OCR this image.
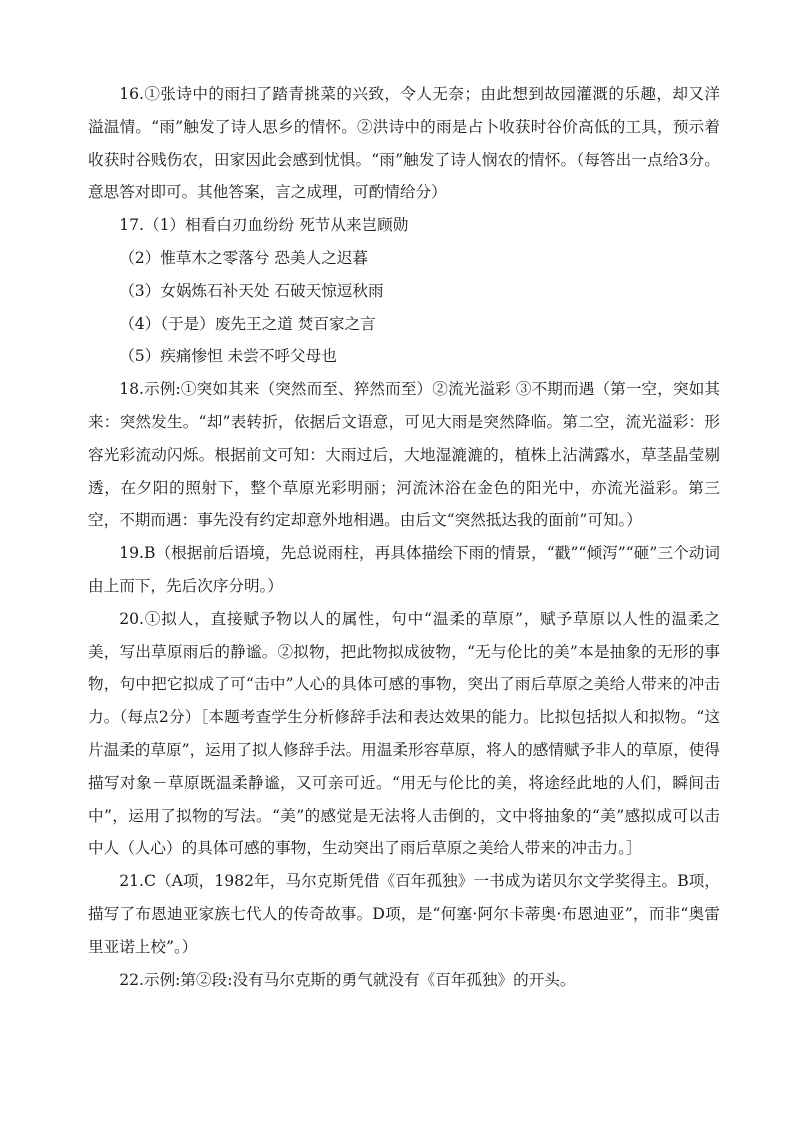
16.①张诗中的雨扫了踏青挑菜的兴致，令人无奈；由此想到故园灌溉的乐趣，却又洋溢温情。“雨”触发了诗人思乡的情怀。②洪诗中的雨是占卜收获时谷价高低的工具，预示着收获时谷贱伤农，田家因此会感到忧惧。“雨”触发了诗人悯农的情怀。（每答出一点给3分。意思答对即可。其他答案，言之成理，可酌情给分）

17.（1）相看白刃血纷纷 死节从来岂顾勋

（2）惟草木之零落兮 恐美人之迟暮

（3）女娲炼石补天处 石破天惊逗秋雨

（4）（于是）废先王之道 焚百家之言

（5）疾痛惨怛 未尝不呼父母也

18.示例:①突如其来（突然而至、猝然而至）②流光溢彩 ③不期而遇（第一空，突如其来：突然发生。“却”表转折，依据后文语意，可见大雨是突然降临。第二空，流光溢彩：形容光彩流动闪烁。根据前文可知：大雨过后，大地湿漉漉的，植株上沾满露水，草茎晶莹剔透，在夕阳的照射下，整个草原光彩明丽；河流沐浴在金色的阳光中，亦流光溢彩。第三空，不期而遇：事先没有约定却意外地相遇。由后文“突然抵达我的面前”可知。）

19.B（根据前后语境，先总说雨柱，再具体描绘下雨的情景，“戳”“倾泻”“砸”三个动词由上而下，先后次序分明。）

20.①拟人，直接赋予物以人的属性，句中“温柔的草原”，赋予草原以人性的温柔之美，写出草原雨后的静谧。②拟物，把此物拟成彼物，“无与伦比的美”本是抽象的无形的事物，句中把它拟成了可“击中”人心的具体可感的事物，突出了雨后草原之美给人带来的冲击力。（每点2分）［本题考查学生分析修辞手法和表达效果的能力。比拟包括拟人和拟物。“这片温柔的草原”，运用了拟人修辞手法。用温柔形容草原，将人的感情赋予非人的草原，使得描写对象－草原既温柔静谧，又可亲可近。“用无与伦比的美，将途经此地的人们，瞬间击中”，运用了拟物的写法。“美”的感觉是无法将人击倒的，文中将抽象的“美”感拟成可以击中人（人心）的具体可感的事物，生动突出了雨后草原之美给人带来的冲击力。］

21.C（A项，1982年，马尔克斯凭借《百年孤独》一书成为诺贝尔文学奖得主。B项，描写了布恩迪亚家族七代人的传奇故事。D项，是“何塞·阿尔卡蒂奥·布恩迪亚”，而非“奥雷里亚诺上校”。）

22.示例:第②段:没有马尔克斯的勇气就没有《百年孤独》的开头。
